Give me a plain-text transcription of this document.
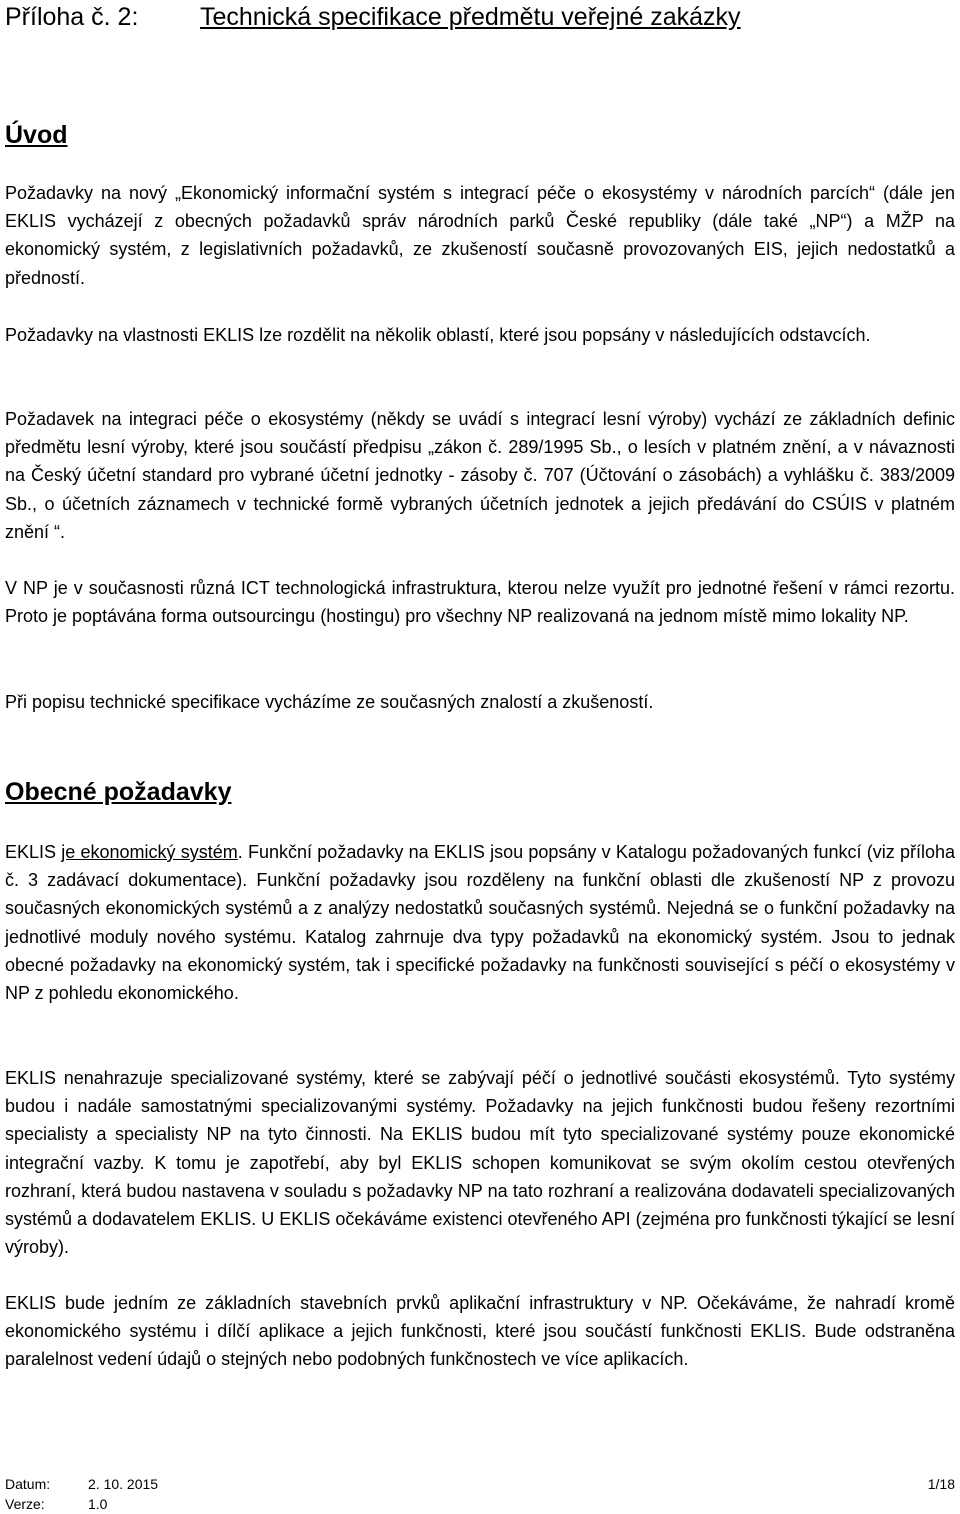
Příloha č. 2: Technická specifikace předmětu veřejné zakázky
Úvod

Požadavky na nový „Ekonomický informační systém s integrací péče o ekosystémy v národních parcích“ (dále jen EKLIS vycházejí z obecných požadavků správ národních parků České republiky (dále také „NP“) a MŽP na ekonomický systém, z legislativních požadavků, ze zkušeností současně provozovaných EIS, jejich nedostatků a předností.

Požadavky na vlastnosti EKLIS lze rozdělit na několik oblastí, které jsou popsány v následujících odstavcích.

Požadavek na integraci péče o ekosystémy (někdy se uvádí s integrací lesní výroby) vychází ze základních definic předmětu lesní výroby, které jsou součástí předpisu „zákon č. 289/1995 Sb., o lesích v platném znění, a v návaznosti na Český účetní standard pro vybrané účetní jednotky - zásoby č. 707 (Účtování o zásobách) a vyhlášku č. 383/2009 Sb., o účetních záznamech v technické formě vybraných účetních jednotek a jejich předávání do CSÚIS v platném znění “.

V NP je v současnosti různá ICT technologická infrastruktura, kterou nelze využít pro jednotné řešení v rámci rezortu. Proto je poptávána forma outsourcingu (hostingu) pro všechny NP realizovaná na jednom místě mimo lokality NP.

Při popisu technické specifikace vycházíme ze současných znalostí a zkušeností.

Obecné požadavky

EKLIS je ekonomický systém. Funkční požadavky na EKLIS jsou popsány v Katalogu požadovaných funkcí (viz příloha č. 3 zadávací dokumentace). Funkční požadavky jsou rozděleny na funkční oblasti dle zkušeností NP z provozu současných ekonomických systémů a z analýzy nedostatků současných systémů. Nejedná se o funkční požadavky na jednotlivé moduly nového systému. Katalog zahrnuje dva typy požadavků na ekonomický systém. Jsou to jednak obecné požadavky na ekonomický systém, tak i specifické požadavky na funkčnosti související s péčí o ekosystémy v NP z pohledu ekonomického.

EKLIS nenahrazuje specializované systémy, které se zabývají péčí o jednotlivé součásti ekosystémů. Tyto systémy budou i nadále samostatnými specializovanými systémy. Požadavky na jejich funkčnosti budou řešeny rezortními specialisty a specialisty NP na tyto činnosti. Na EKLIS budou mít tyto specializované systémy pouze ekonomické integrační vazby. K tomu je zapotřebí, aby byl EKLIS schopen komunikovat se svým okolím cestou otevřených rozhraní, která budou nastavena v souladu s požadavky NP na tato rozhraní a realizována dodavateli specializovaných systémů a dodavatelem EKLIS. U EKLIS očekáváme existenci otevřeného API (zejména pro funkčnosti týkající se lesní výroby).

EKLIS bude jedním ze základních stavebních prvků aplikační infrastruktury v NP. Očekáváme, že nahradí kromě ekonomického systému i dílčí aplikace a jejich funkčnosti, které jsou součástí funkčnosti EKLIS. Bude odstraněna paralelnost vedení údajů o stejných nebo podobných funkčnostech ve více aplikacích.

Datum:	2. 10. 2015	1/18
Verze:	1.0
